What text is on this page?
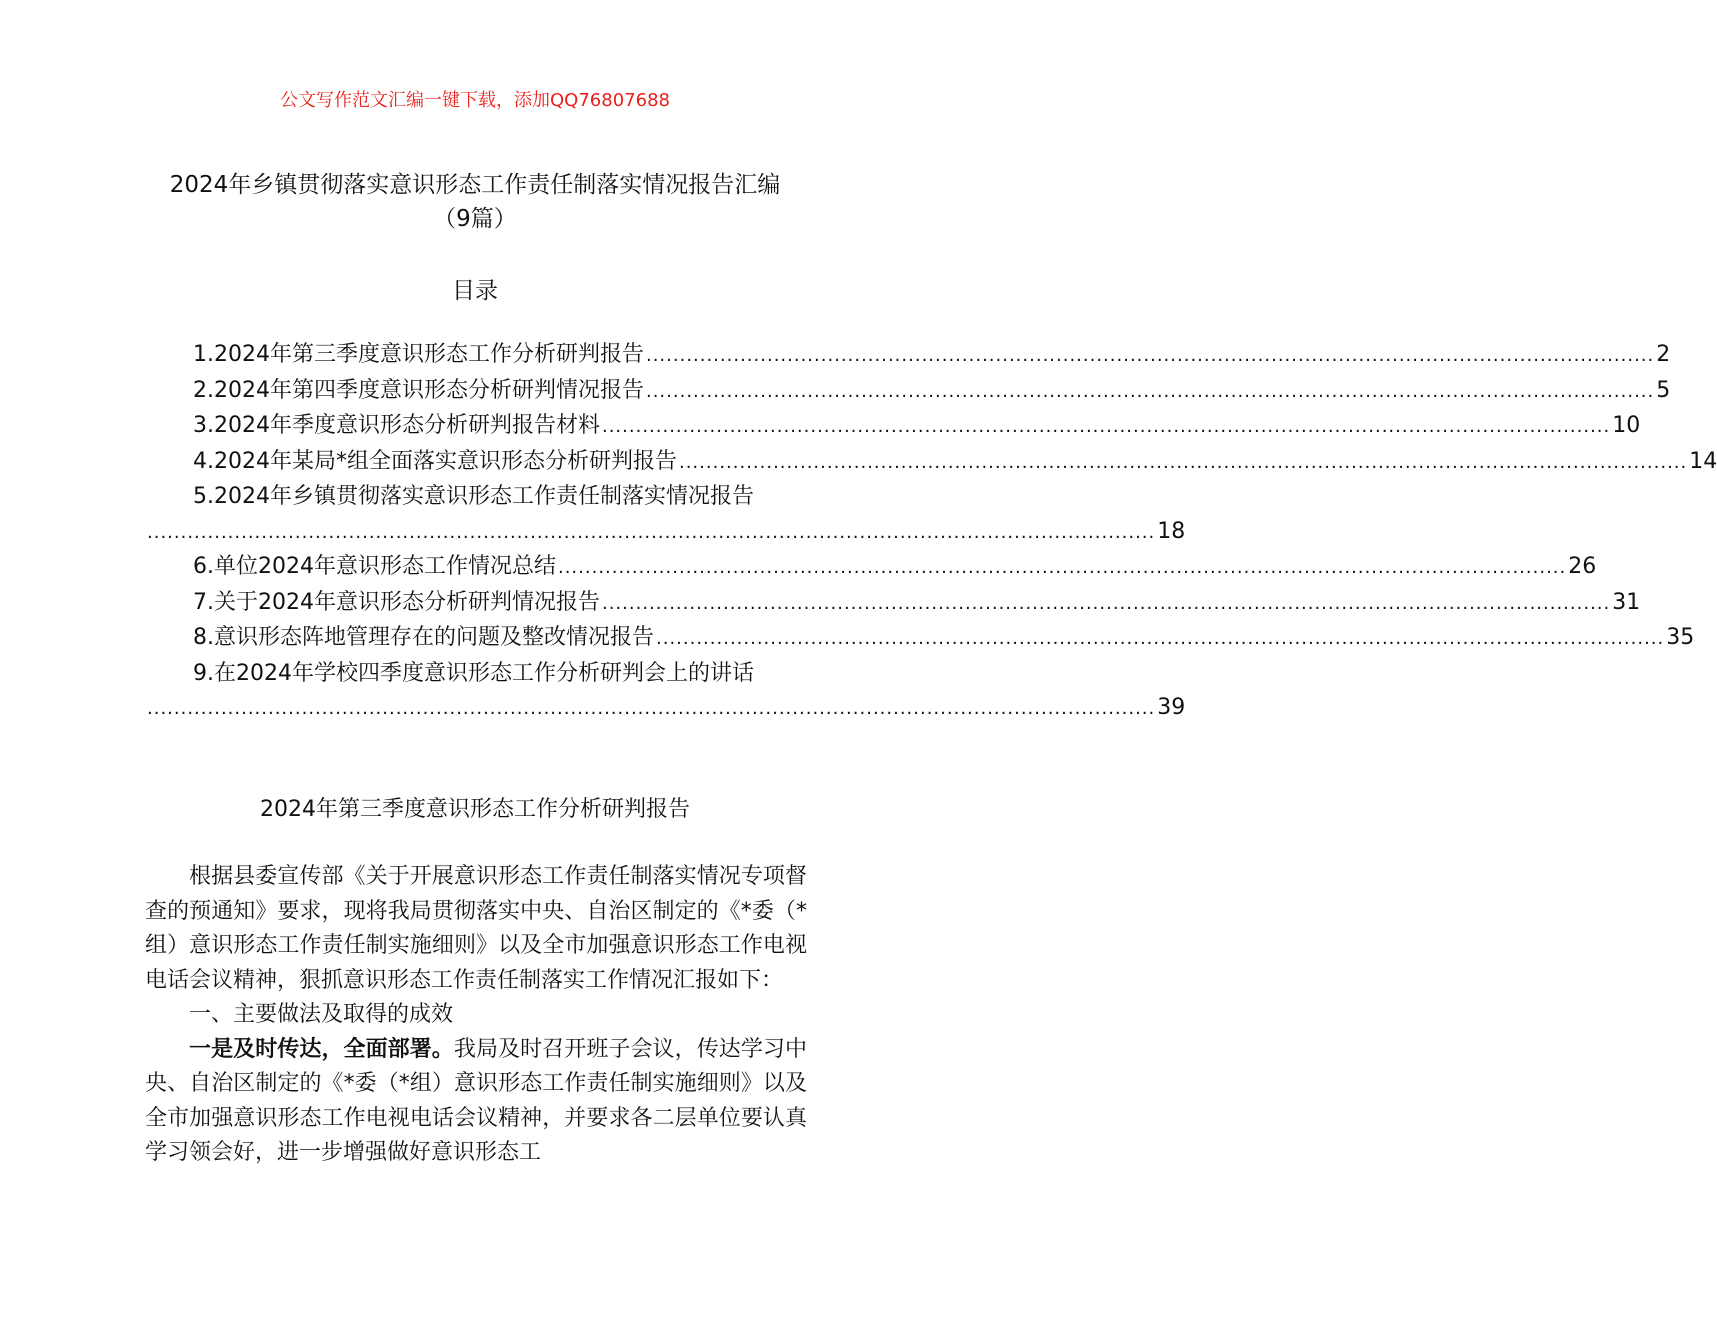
公文写作范文汇编一键下载，添加QQ76807688
2024年乡镇贯彻落实意识形态工作责任制落实情况报告汇编
（9篇）
目录
1.2024年第三季度意识形态工作分析研判报告 ...................................................................................................................................................... 2
2.2024年第四季度意识形态分析研判情况报告 ...................................................................................................................................................... 5
3.2024年季度意识形态分析研判报告材料 ...................................................................................................................................................... 10
4.2024年某局*组全面落实意识形态分析研判报告 ...................................................................................................................................................... 14
5.2024年乡镇贯彻落实意识形态工作责任制落实情况报告
...................................................................................................................................................... 18
6.单位2024年意识形态工作情况总结 ...................................................................................................................................................... 26
7.关于2024年意识形态分析研判情况报告 ...................................................................................................................................................... 31
8.意识形态阵地管理存在的问题及整改情况报告 ...................................................................................................................................................... 35
9.在2024年学校四季度意识形态工作分析研判会上的讲话
...................................................................................................................................................... 39
2024年第三季度意识形态工作分析研判报告

根据县委宣传部《关于开展意识形态工作责任制落实情况专项督查的预通知》要求，现将我局贯彻落实中央、自治区制定的《*委（*组）意识形态工作责任制实施细则》以及全市加强意识形态工作电视电话会议精神，狠抓意识形态工作责任制落实工作情况汇报如下：

一、主要做法及取得的成效

一是及时传达，全面部署。我局及时召开班子会议，传达学习中央、自治区制定的《*委（*组）意识形态工作责任制实施细则》以及全市加强意识形态工作电视电话会议精神，并要求各二层单位要认真学习领会好，进一步增强做好意识形态工
